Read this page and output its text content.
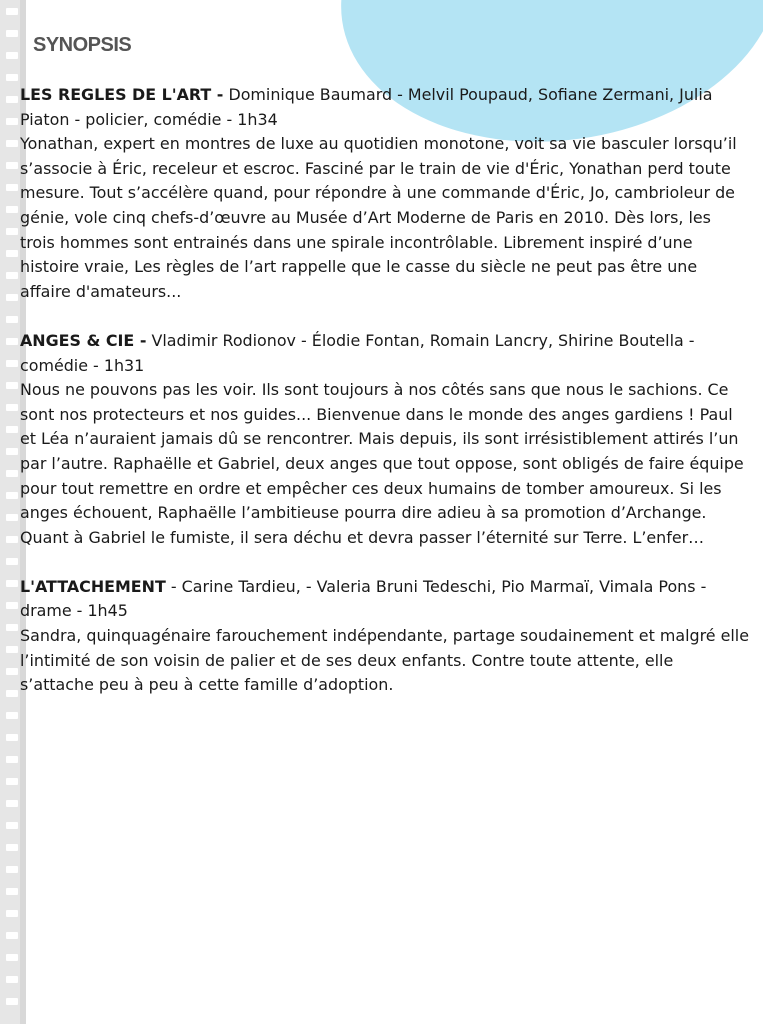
SYNOPSIS

LES REGLES DE L'ART - Dominique Baumard - Melvil Poupaud, Sofiane Zermani, Julia Piaton - policier, comédie - 1h34

Yonathan, expert en montres de luxe au quotidien monotone, voit sa vie basculer lorsqu’il s’associe à Éric, receleur et escroc. Fasciné par le train de vie d'Éric, Yonathan perd toute mesure. Tout s’accélère quand, pour répondre à une commande d'Éric, Jo, cambrioleur de génie, vole cinq chefs-d’œuvre au Musée d’Art Moderne de Paris en 2010. Dès lors, les trois hommes sont entrainés dans une spirale incontrôlable. Librement inspiré d’une histoire vraie, Les règles de l’art rappelle que le casse du siècle ne peut pas être une affaire d'amateurs...

ANGES & CIE - Vladimir Rodionov - Élodie Fontan, Romain Lancry, Shirine Boutella - comédie - 1h31

Nous ne pouvons pas les voir. Ils sont toujours à nos côtés sans que nous le sachions. Ce sont nos protecteurs et nos guides... Bienvenue dans le monde des anges gardiens ! Paul et Léa n’auraient jamais dû se rencontrer. Mais depuis, ils sont irrésistiblement attirés l’un par l’autre. Raphaëlle et Gabriel, deux anges que tout oppose, sont obligés de faire équipe pour tout remettre en ordre et empêcher ces deux humains de tomber amoureux. Si les anges échouent, Raphaëlle l’ambitieuse pourra dire adieu à sa promotion d’Archange. Quant à Gabriel le fumiste, il sera déchu et devra passer l’éternité sur Terre. L’enfer…

L'ATTACHEMENT - Carine Tardieu, - Valeria Bruni Tedeschi, Pio Marmaï, Vimala Pons - drame - 1h45

Sandra, quinquagénaire farouchement indépendante, partage soudainement et malgré elle l’intimité de son voisin de palier et de ses deux enfants. Contre toute attente, elle s’attache peu à peu à cette famille d’adoption.
